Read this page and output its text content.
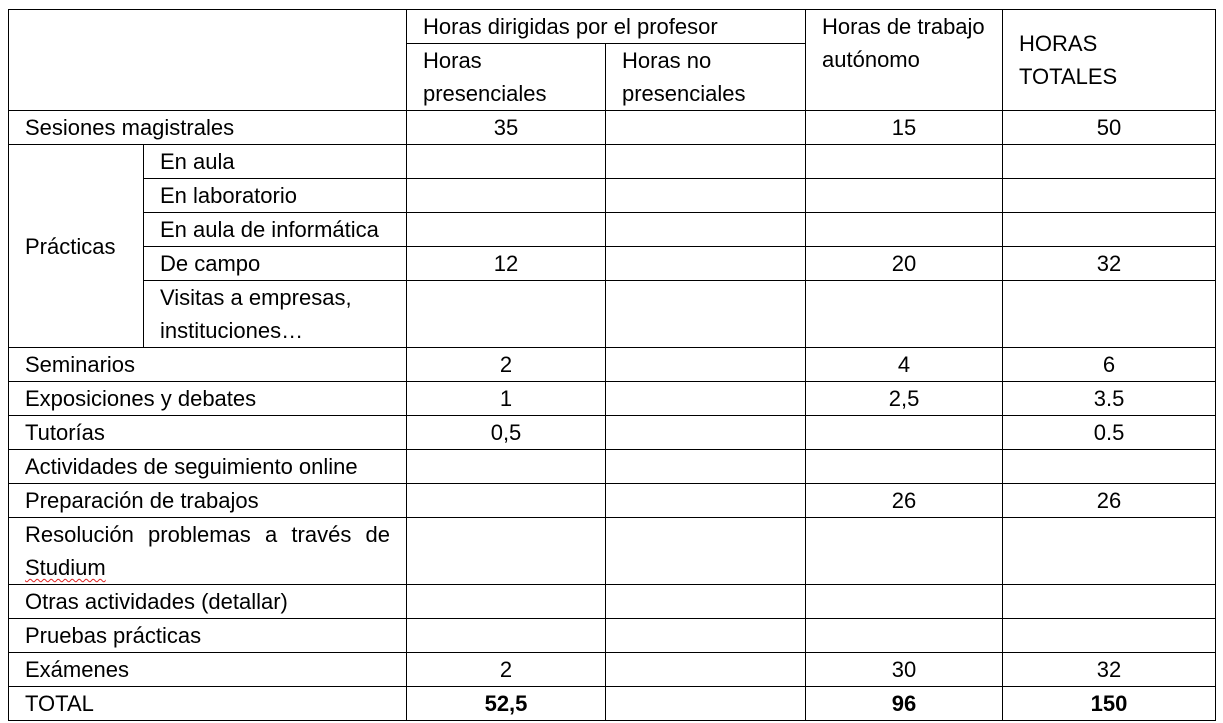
		Horas dirigidas por el profesor		Horas de trabajo autónomo	HORAS TOTALES
		Horas presenciales	Horas no presenciales		
Sesiones magistrales		35		15	50
Prácticas	En aula				
	En laboratorio				
	En aula de informática				
	De campo	12		20	32
	Visitas a empresas, instituciones…				
Seminarios		2		4	6
Exposiciones y debates		1		2,5	3.5
Tutorías		0,5			0.5
Actividades de seguimiento online					
Preparación de trabajos				26	26

Resolución problemas a través de
Studium					
Otras actividades (detallar)					
Pruebas prácticas					
Exámenes		2		30	32
TOTAL		52,5		96	150
